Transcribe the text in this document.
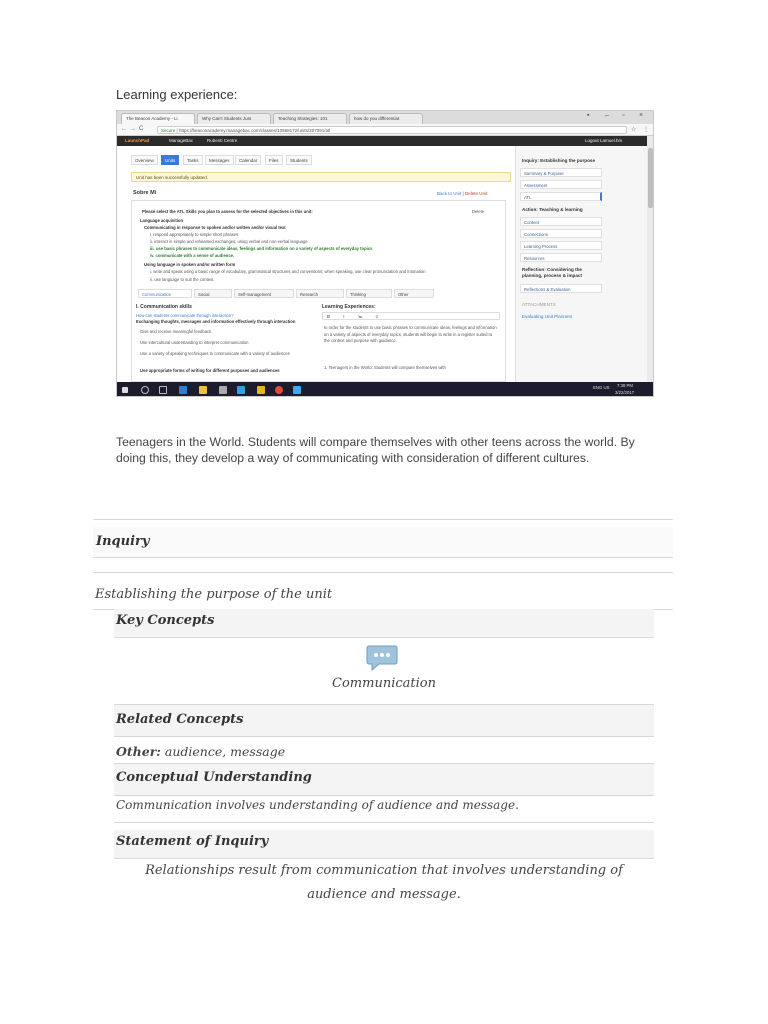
Learning experience:
The Beacon Academy - Li	Why Can't Students Just	Teaching Strategies: 101	how do you differentiat	▪ – ▫ ×
←→C	Secure | https://beaconacademy.managebac.com/classes/10568172/units/307091/atl	☆ ⋮
LaunchPad	ManageBac	Rubenti Centre	Logout Lamuel.hm
Overview	Units	Tasks	Messages	Calendar	Files	Students
Unit has been successfully updated.
Sobre Mi	Back to Unit | Delete Unit
Please select the ATL Skills you plan to assess for the selected objectives in this unit:	Delete
Language acquisition
Communicating in response to spoken and/or written and/or visual text
i. respond appropriately to simple short phrases
ii. interact in simple and rehearsed exchanges, using verbal and non-verbal language
iii. use basic phrases to communicate ideas, feelings and information on a variety of aspects of everyday topics
iv. communicate with a sense of audience.
Using language in spoken and/or written form
i. write and speak using a basic range of vocabulary, grammatical structures and conventions; when speaking, use clear pronunciation and intonation
ii. use language to suit the context.
Communication	Social	Self-management	Research	Thinking	Other
I. Communication skills
How can students communicate through interaction?
Exchanging thoughts, messages and information effectively through interaction
Give and receive meaningful feedback
Use intercultural understanding to interpret communication
Use a variety of speaking techniques to communicate with a variety of audiences
Use appropriate forms of writing for different purposes and audiences
Learning Experiences:
B I ≔ ≡
In order for the students to use basic phrases to communicate ideas, feelings and information on a variety of aspects of everyday topics, students will begin to write in a register suited to the context and purpose with guidance.
1. Teenagers in the World: Students will compare themselves with
Inquiry: Establishing the purpose
Summary & Purpose
Assessment
ATL
Action: Teaching & learning
Content
Connections
Learning Process
Resources
Reflection: Considering the planning, process & impact
Reflections & Evaluation
ATTACHMENTS
Evaluating Unit Planners
ENG US 7:38 PM
3/22/2017
Teenagers in the World. Students will compare themselves with other teens across the world. By doing this, they develop a way of communicating with consideration of different cultures.
Inquiry
Establishing the purpose of the unit
Key Concepts
Communication
Related Concepts
Other: audience, message
Conceptual Understanding
Communication involves understanding of audience and message.
Statement of Inquiry
Relationships result from communication that involves understanding of
audience and message.
